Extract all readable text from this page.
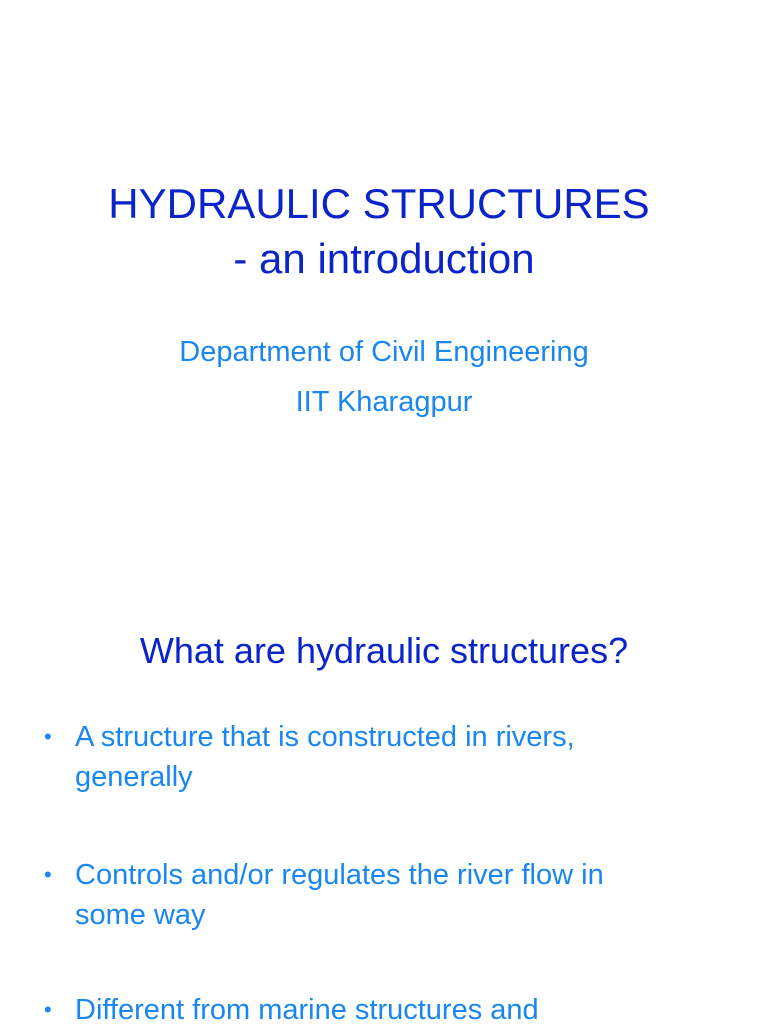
HYDRAULIC STRUCTURES
- an introduction
Department of Civil Engineering
IIT Kharagpur
What are hydraulic structures?
• A structure that is constructed in rivers,
generally
• Controls and/or regulates the river flow in
some way
• Different from marine structures and
